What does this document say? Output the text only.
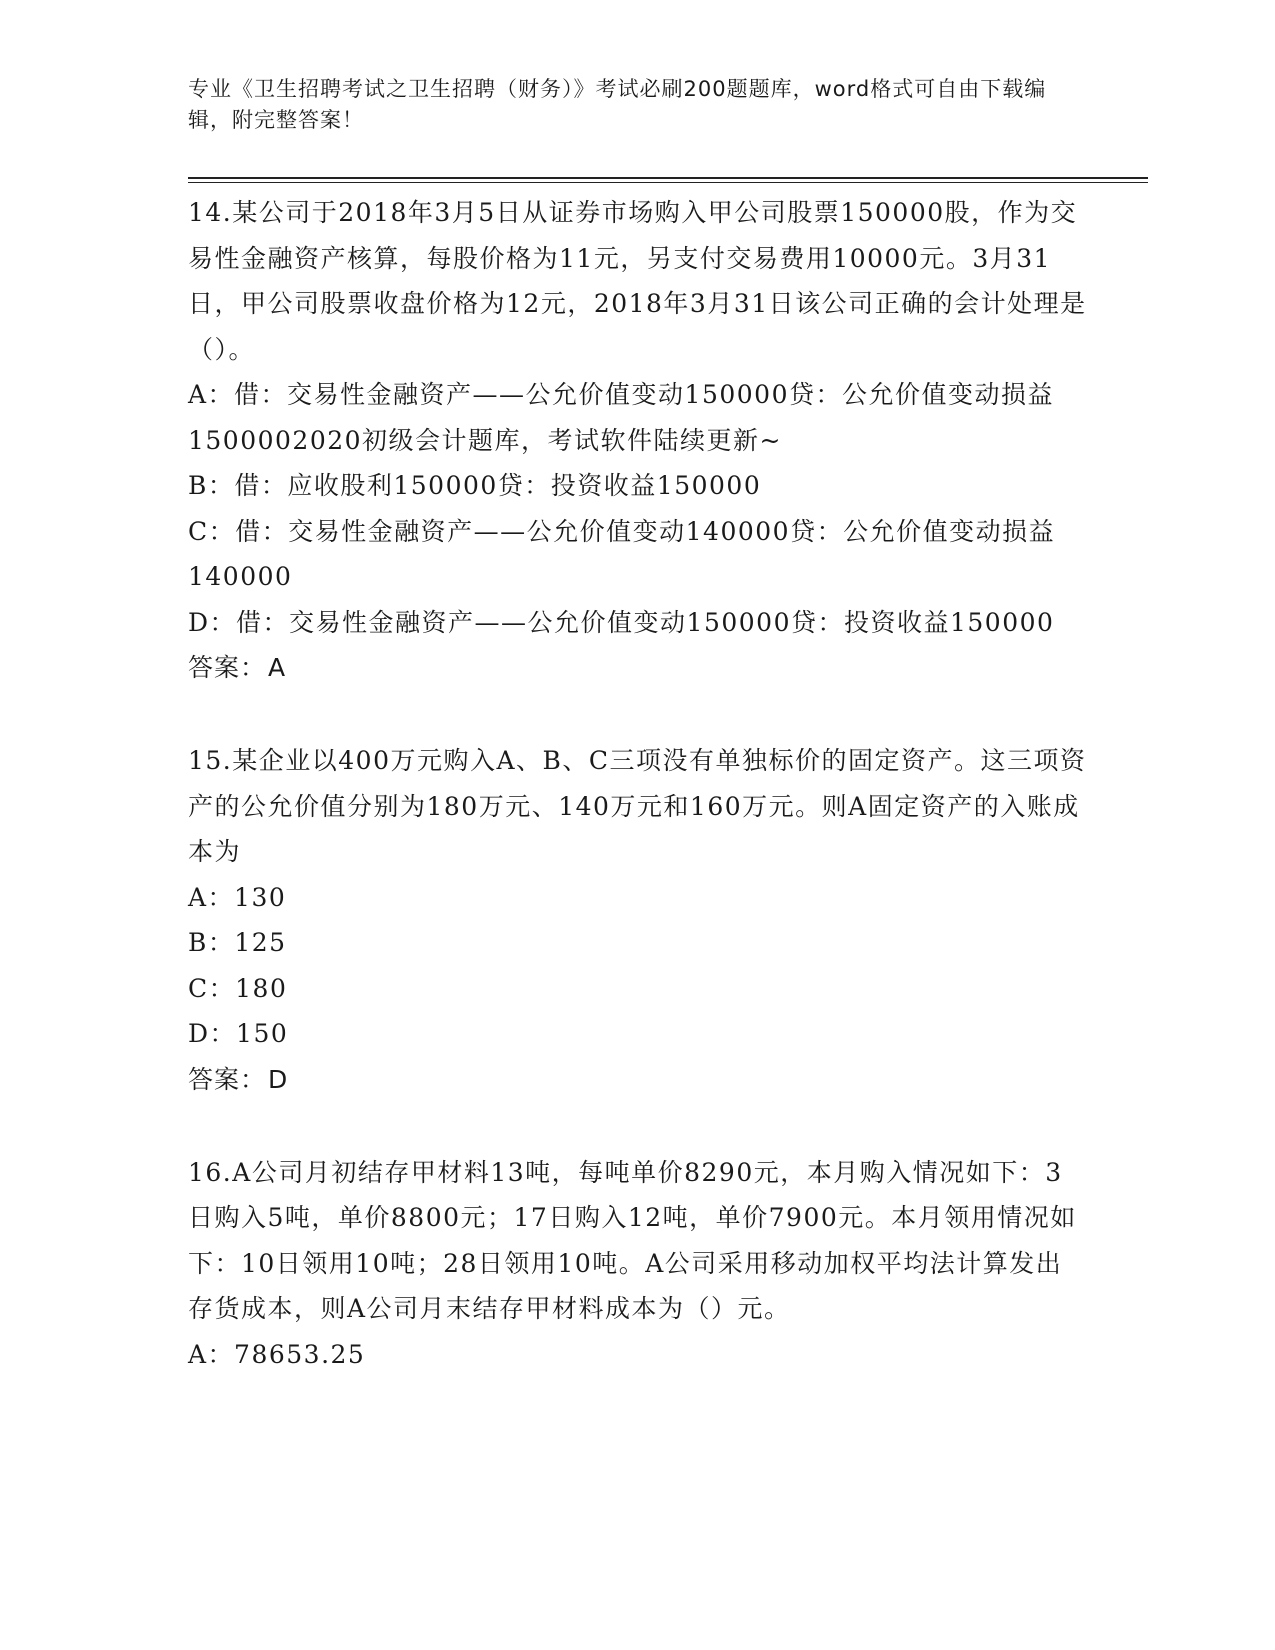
专业《卫生招聘考试之卫生招聘（财务）》考试必刷200题题库，word格式可自由下载编辑，附完整答案！

14.某公司于2018年3月5日从证券市场购入甲公司股票150000股，作为交易性金融资产核算，每股价格为11元，另支付交易费用10000元。3月31日，甲公司股票收盘价格为12元，2018年3月31日该公司正确的会计处理是（）。

A：借：交易性金融资产——公允价值变动150000贷：公允价值变动损益1500002020初级会计题库，考试软件陆续更新~

B：借：应收股利150000贷：投资收益150000

C：借：交易性金融资产——公允价值变动140000贷：公允价值变动损益140000

D：借：交易性金融资产——公允价值变动150000贷：投资收益150000

答案：A

15.某企业以400万元购入A、B、C三项没有单独标价的固定资产。这三项资产的公允价值分别为180万元、140万元和160万元。则A固定资产的入账成本为

A：130

B：125

C：180

D：150

答案：D

16.A公司月初结存甲材料13吨，每吨单价8290元，本月购入情况如下：3日购入5吨，单价8800元；17日购入12吨，单价7900元。本月领用情况如下：10日领用10吨；28日领用10吨。A公司采用移动加权平均法计算发出存货成本，则A公司月末结存甲材料成本为（）元。

A：78653.25
